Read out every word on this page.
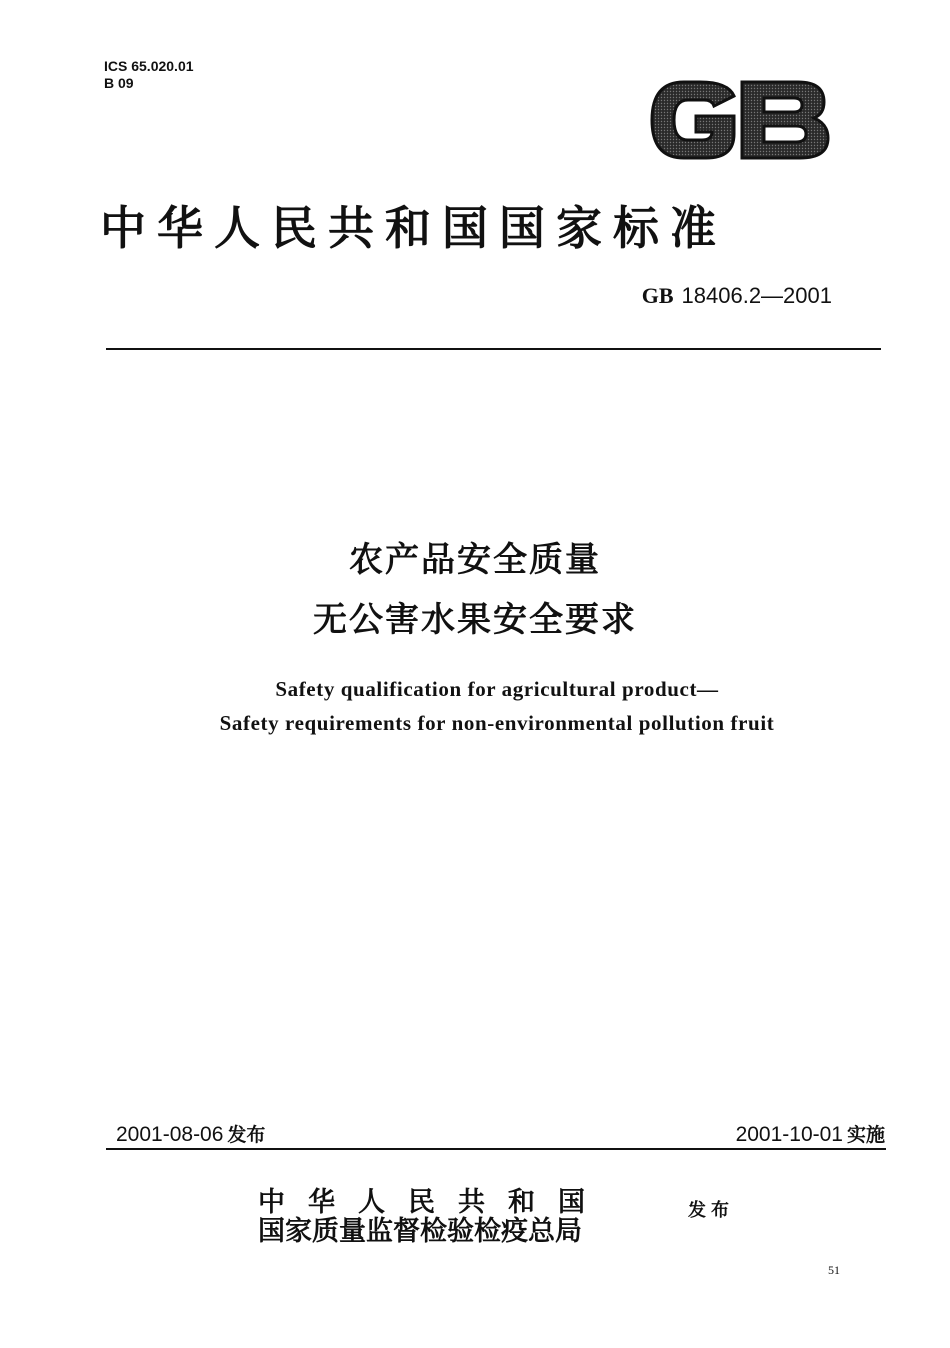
ICS 65.020.01
B 09
中华人民共和国国家标准
GB 18406.2—2001
农产品安全质量
无公害水果安全要求
Safety qualification for agricultural product—
Safety requirements for non-environmental pollution fruit
2001-08-06 发布	2001-10-01 实施
中华人民共和国
国家质量监督检验检疫总局
发布
51
